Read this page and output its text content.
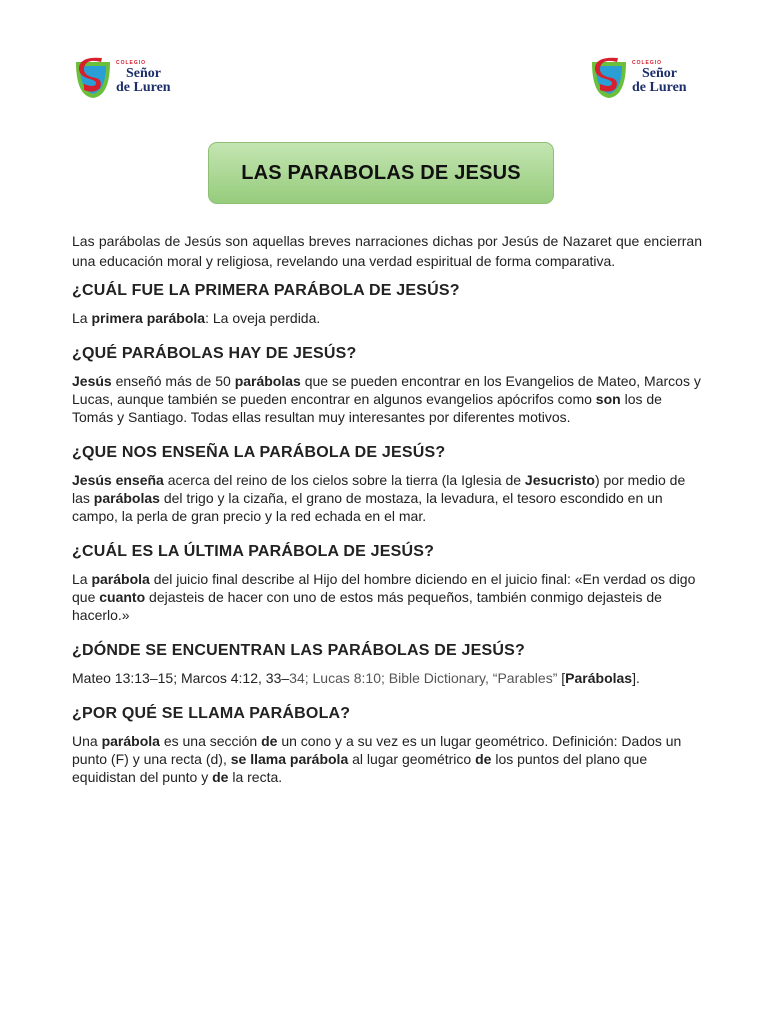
COLEGIO
Señor
de Luren
COLEGIO
Señor
de Luren
LAS PARABOLAS DE JESUS

Las parábolas de Jesús son aquellas breves narraciones dichas por Jesús de Nazaret que encierran una educación moral y religiosa, revelando una verdad espiritual de forma comparativa.

¿CUÁL FUE LA PRIMERA PARÁBOLA DE JESÚS?

La primera parábola: La oveja perdida.

¿QUÉ PARÁBOLAS HAY DE JESÚS?

Jesús enseñó más de 50 parábolas que se pueden encontrar en los Evangelios de Mateo, Marcos y Lucas, aunque también se pueden encontrar en algunos evangelios apócrifos como son los de Tomás y Santiago. Todas ellas resultan muy interesantes por diferentes motivos.

¿QUE NOS ENSEÑA LA PARÁBOLA DE JESÚS?

Jesús enseña acerca del reino de los cielos sobre la tierra (la Iglesia de Jesucristo) por medio de las parábolas del trigo y la cizaña, el grano de mostaza, la levadura, el tesoro escondido en un campo, la perla de gran precio y la red echada en el mar.

¿CUÁL ES LA ÚLTIMA PARÁBOLA DE JESÚS?

La parábola del juicio final describe al Hijo del hombre diciendo en el juicio final: «En verdad os digo que cuanto dejasteis de hacer con uno de estos más pequeños, también conmigo dejasteis de hacerlo.»

¿DÓNDE SE ENCUENTRAN LAS PARÁBOLAS DE JESÚS?

Mateo 13:13–15; Marcos 4:12, 33–34; Lucas 8:10; Bible Dictionary, “Parables” [Parábolas].

¿POR QUÉ SE LLAMA PARÁBOLA?

Una parábola es una sección de un cono y a su vez es un lugar geométrico. Definición: Dados un punto (F) y una recta (d), se llama parábola al lugar geométrico de los puntos del plano que equidistan del punto y de la recta.
